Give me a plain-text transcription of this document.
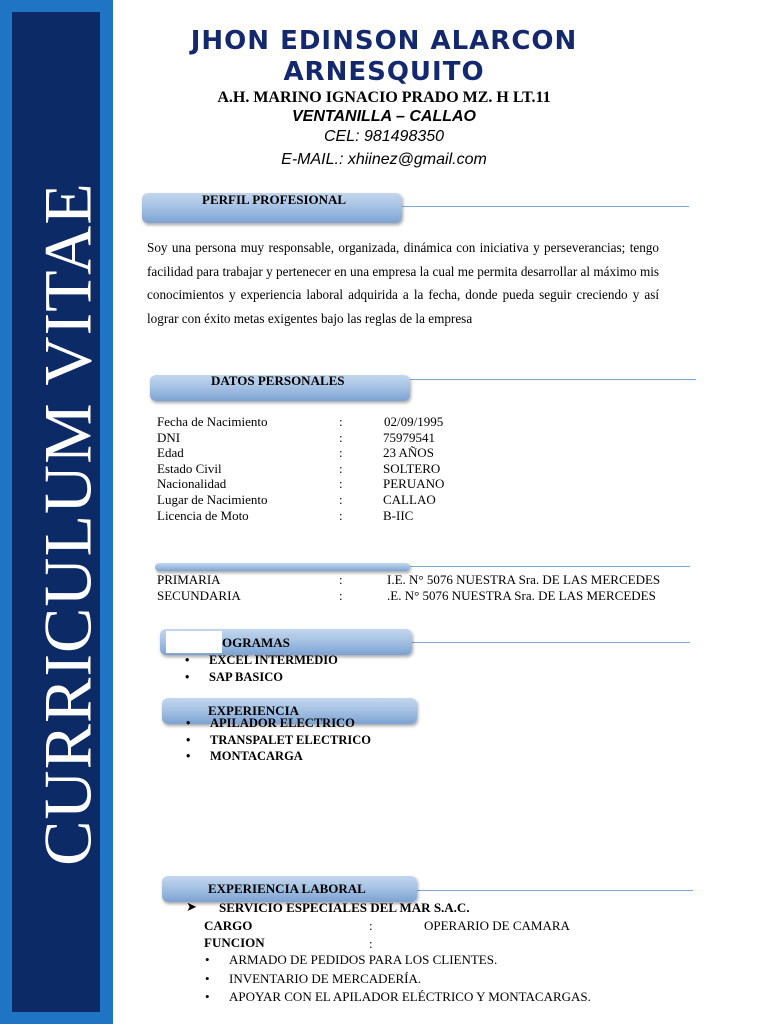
CURRICULUM VITAE
JHON EDINSON ALARCON
ARNESQUITO
A.H. MARINO IGNACIO PRADO MZ. H LT.11
VENTANILLA – CALLAO
CEL: 981498350
E-MAIL.: xhiinez@gmail.com
PERFIL PROFESIONAL
Soy una persona muy responsable, organizada, dinámica con iniciativa y perseverancias; tengo facilidad para trabajar y pertenecer en una empresa la cual me permita desarrollar al máximo mis conocimientos y experiencia laboral adquirida a la fecha, donde pueda seguir creciendo y así lograr con éxito metas exigentes bajo las reglas de la empresa
DATOS PERSONALES
Fecha de Nacimiento	:	02/09/1995
DNI	:	75979541
Edad	:	23 AÑOS
Estado Civil	:	SOLTERO
Nacionalidad	:	PERUANO
Lugar de Nacimiento	:	CALLAO
Licencia de Moto	:	B-IIC
PRIMARIA	:	I.E. N° 5076 NUESTRA Sra. DE LAS MERCEDES
SECUNDARIA	:	.E. N° 5076 NUESTRA Sra. DE LAS MERCEDES
OGRAMAS
• EXCEL INTERMEDIO
• SAP BASICO
EXPERIENCIA
• APILADOR ELECTRICO
• TRANSPALET ELECTRICO
• MONTACARGA
EXPERIENCIA LABORAL
➤ SERVICIO ESPECIALES DEL MAR S.A.C.
CARGO	:	OPERARIO DE CAMARA
FUNCION	:
• ARMADO DE PEDIDOS PARA LOS CLIENTES.
• INVENTARIO DE MERCADERÍA.
• APOYAR CON EL APILADOR ELÉCTRICO Y MONTACARGAS.
